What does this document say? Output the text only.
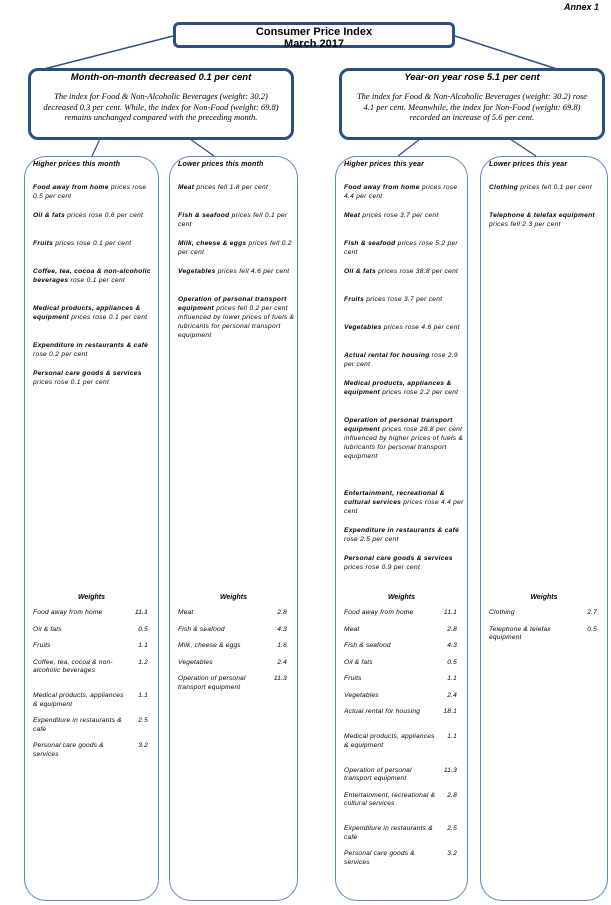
Annex 1
Consumer Price Index
March 2017
Month-on-month decreased 0.1 per cent
The index for Food & Non-Alcoholic Beverages (weight: 30.2) decreased 0.3 per cent. While, the index for Non-Food (weight: 69.8) remains unchanged compared with the preceding month.
Year-on year rose 5.1 per cent
The index for Food & Non-Alcoholic Beverages (weight: 30.2) rose 4.1 per cent. Meanwhile, the index for Non-Food (weight: 69.8) recorded an increase of 5.6 per cent.
Higher prices this month
Food away from home prices rose 0.5 per cent
Oil & fats prices rose 0.6 per cent
Fruits prices rose 0.1 per cent
Coffee, tea, cocoa & non-alcoholic beverages rose 0.1 per cent
Medical products, appliances & equipment prices rose 0.1 per cent
Expenditure in restaurants & café rose 0.2 per cent
Personal care goods & services prices rose 0.1 per cent
Weights
Food away from home	11.1
Oil & fats	0.5
Fruits	1.1
Coffee, tea, cocoa & non-alcoholic beverages
1.2
Medical products, appliances & equipment
1.1
Expenditure in restaurants & café
2.5
Personal care goods & services
3.2
Lower prices this month
Meat prices fell 1.8 per cent
Fish & seafood prices fell 0.1 per cent
Milk, cheese & eggs prices fell 0.2 per cent
Vegetables prices fell 4.6 per cent
Operation of personal transport equipment prices fell 0.2 per cent influenced by lower prices of fuels & lubricants for personal transport equipment
Weights
Meat	2.8
Fish & seafood	4.3
Milk, cheese & eggs	1.6
Vegetables	2.4
Operation of personal transport equipment
11.3
Higher prices this year
Food away from home prices rose 4.4 per cent
Meat prices rose 3.7 per cent
Fish & seafood prices rose 5.2 per cent
Oil & fats prices rose 38.8 per cent
Fruits prices rose 3.7 per cent
Vegetables prices rose 4.6 per cent
Actual rental for housing rose 2.9 per cent
Medical products, appliances & equipment prices rose 2.2 per cent
Operation of personal transport equipment prices rose 28.8 per cent influenced by higher prices of fuels & lubricants for personal transport equipment
Entertainment, recreational & cultural services prices rose 4.4 per cent
Expenditure in restaurants & café rose 2.5 per cent
Personal care goods & services prices rose 0.9 per cent
Weights
Food away from home	11.1
Meat	2.8
Fish & seafood	4.3
Oil & fats	0.5
Fruits	1.1
Vegetables	2.4
Actual rental for housing	18.1
Medical products, appliances & equipment
1.1
Operation of personal transport equipment
11.3
Entertainment, recreational & cultural services
2.8
Expenditure in restaurants & café
2.5
Personal care goods & services
3.2
Lower prices this year
Clothing prices fell 0.1 per cent
Telephone & telefax equipment prices fell 2.3 per cent
Weights
Clothing	2.7
Telephone & telefax equipment
0.5
